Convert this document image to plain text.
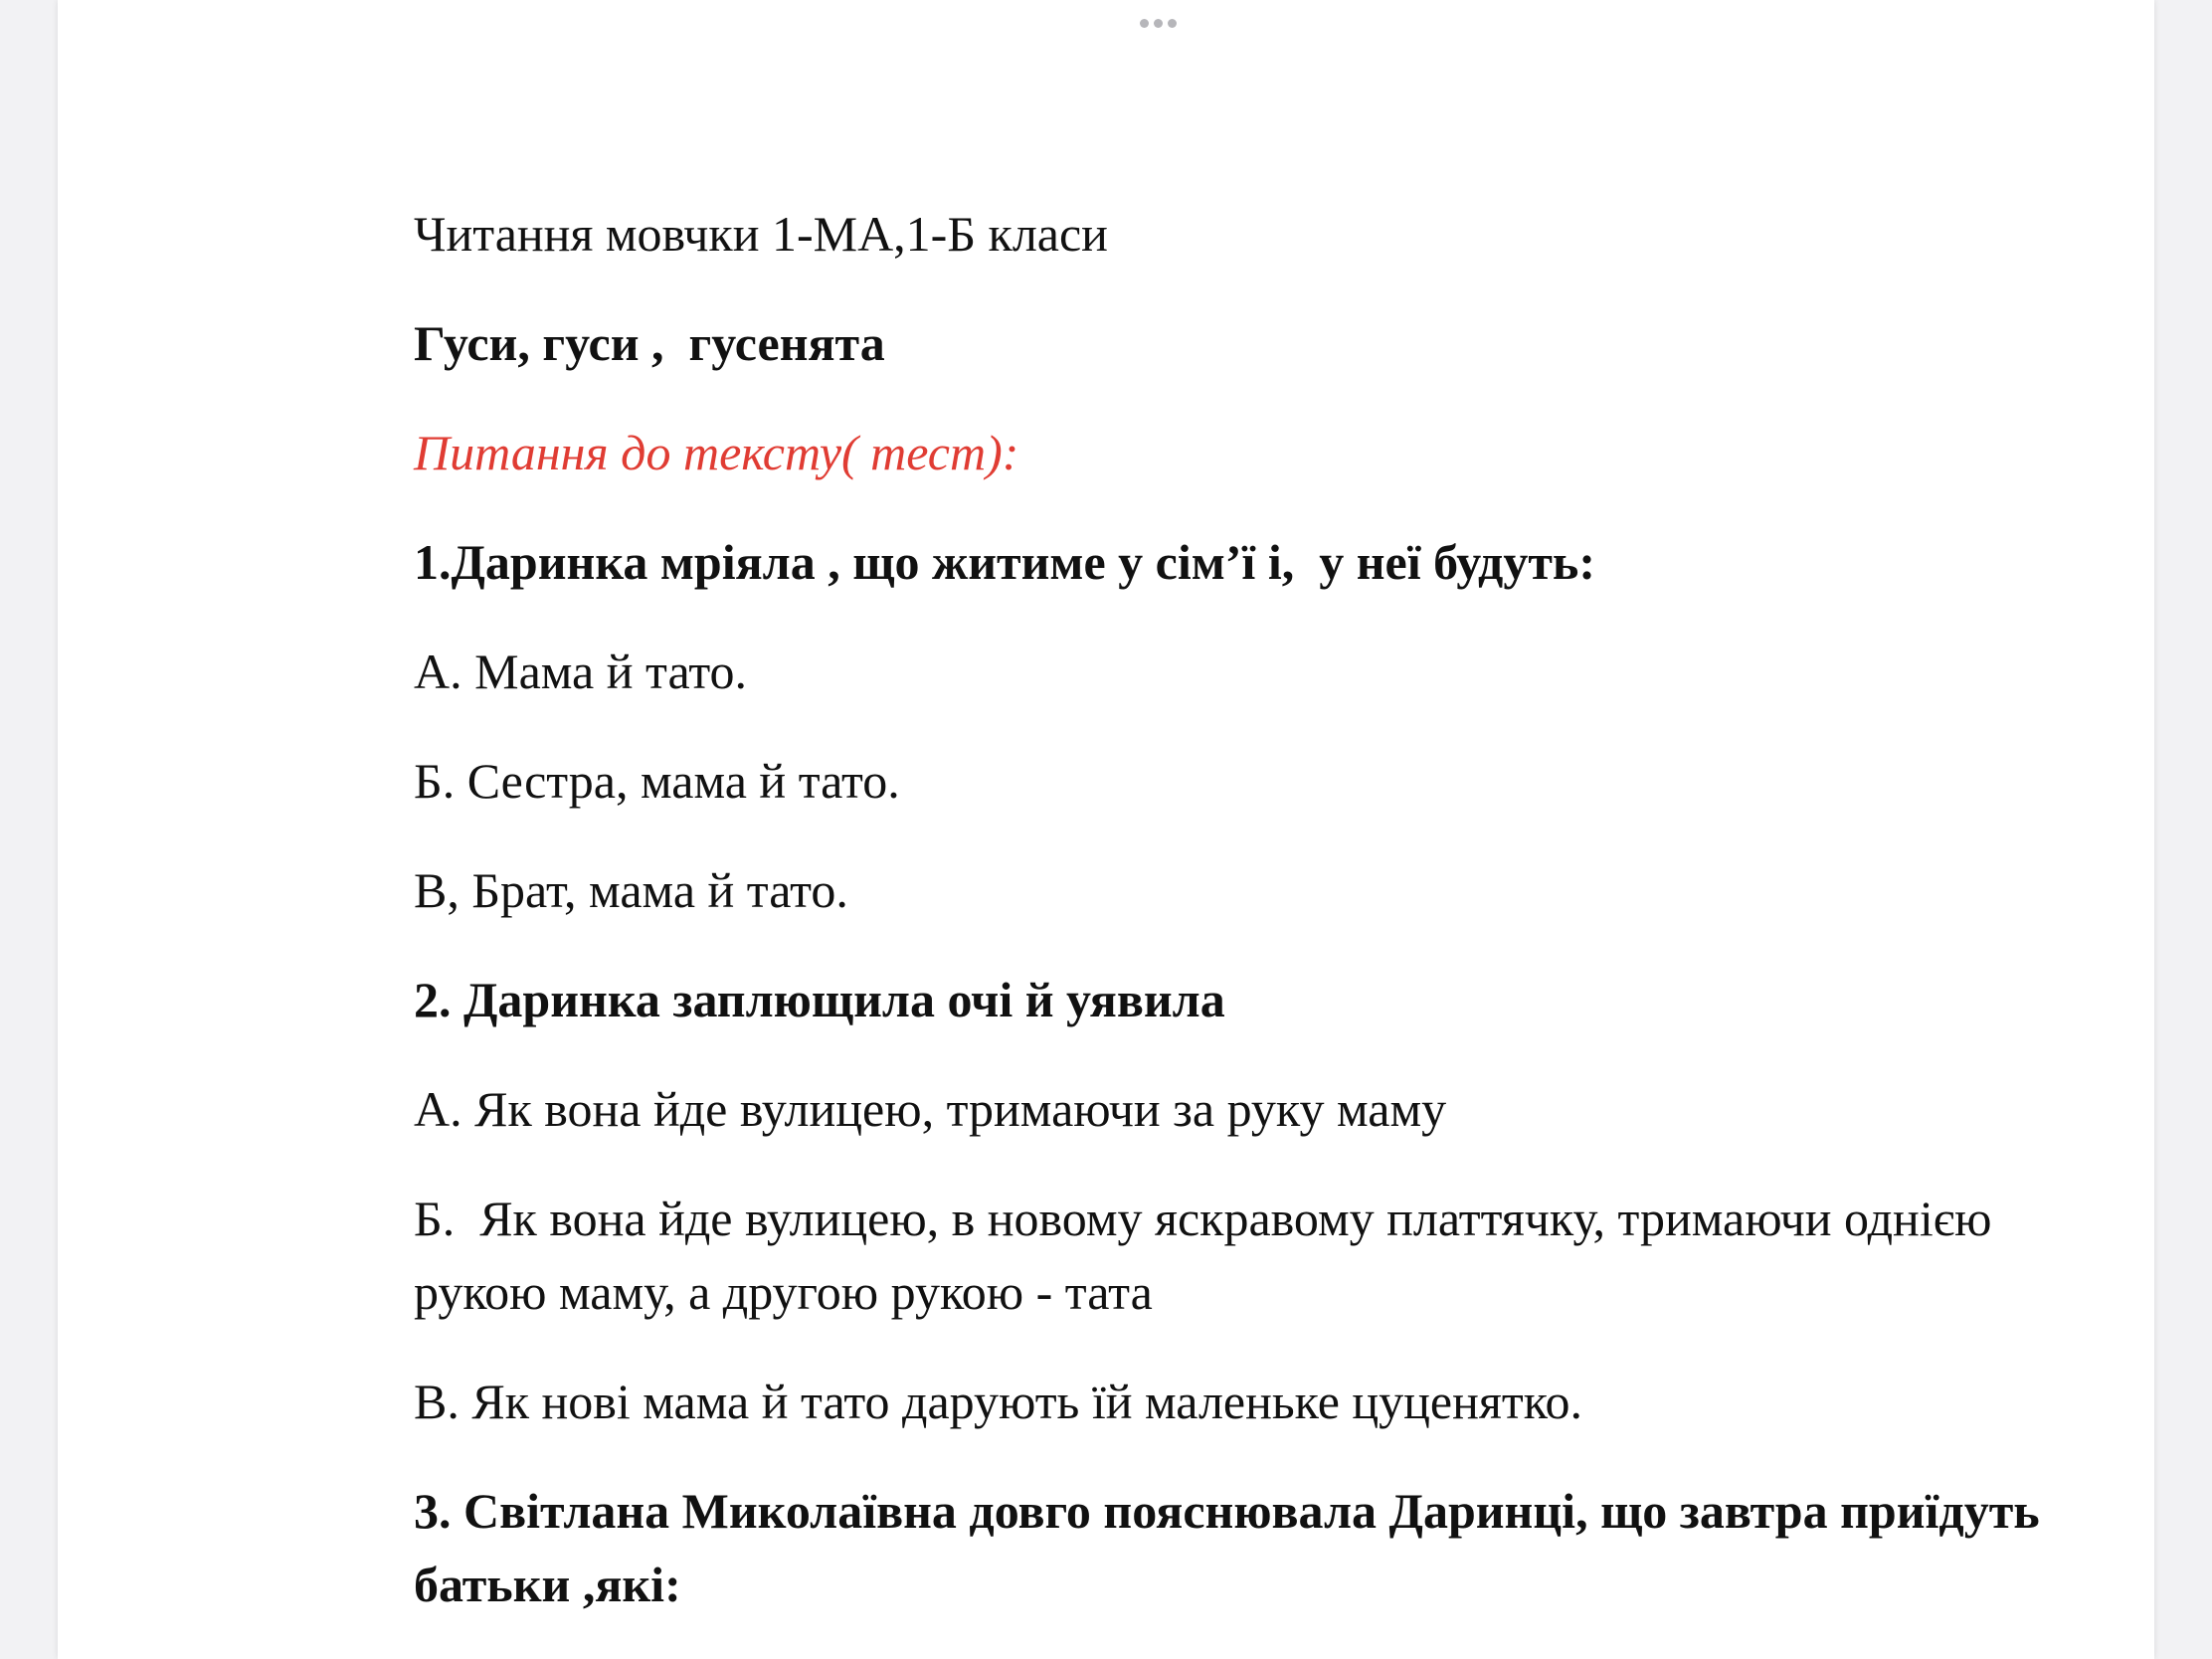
Читання мовчки 1-МА,1-Б класи

Гуси, гуси ,  гусенята

Питання до тексту( тест):

1.Даринка мріяла , що житиме у сім’ї і,  у неї будуть:

А. Мама й тато.

Б. Сестра, мама й тато.

В, Брат, мама й тато.

2. Даринка заплющила очі й уявила

А. Як вона йде вулицею, тримаючи за руку маму

Б.  Як вона йде вулицею, в новому яскравому платтячку, тримаючи однією рукою маму, а другою рукою - тата

В. Як нові мама й тато дарують їй маленьке цуценятко.

3. Світлана Миколаївна довго пояснювала Даринці, що завтра приїдуть батьки ,які:
